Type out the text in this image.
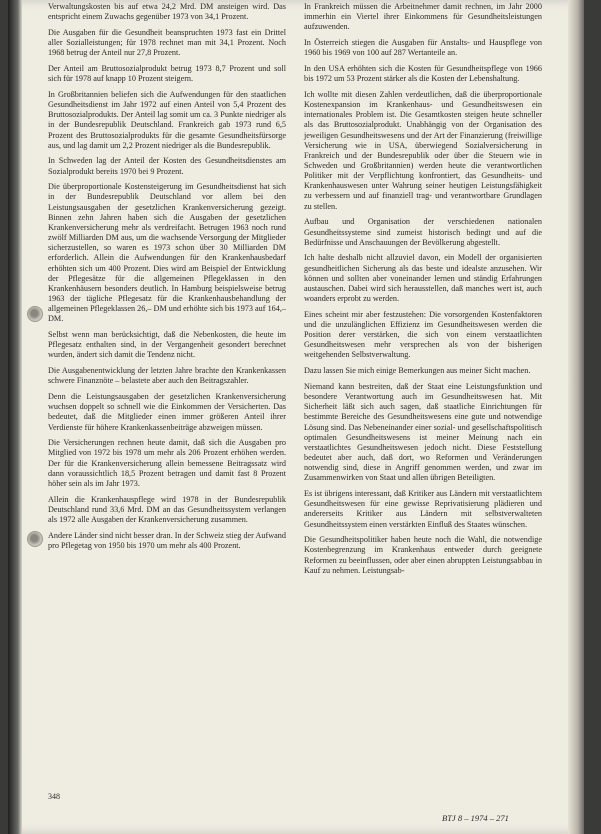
Verwaltungskosten bis auf etwa 24,2 Mrd. DM ansteigen wird. Das entspricht einem Zuwachs gegenüber 1973 von 34,1 Prozent.

Die Ausgaben für die Gesundheit beanspruchten 1973 fast ein Drittel aller Sozialleistungen; für 1978 rechnet man mit 34,1 Prozent. Noch 1968 betrug der Anteil nur 27,8 Prozent.

Der Anteil am Bruttosozialprodukt betrug 1973 8,7 Prozent und soll sich für 1978 auf knapp 10 Prozent steigern.

In Großbritannien beliefen sich die Aufwendungen für den staatlichen Gesundheitsdienst im Jahr 1972 auf einen Anteil von 5,4 Prozent des Bruttosozialprodukts. Der Anteil lag somit um ca. 3 Punkte niedriger als in der Bundesrepublik Deutschland. Frankreich gab 1973 rund 6,5 Prozent des Bruttosozialprodukts für die gesamte Gesundheitsfürsorge aus, und lag damit um 2,2 Prozent niedriger als die Bundesrepublik.

In Schweden lag der Anteil der Kosten des Gesundheitsdienstes am Sozialprodukt bereits 1970 bei 9 Prozent.

Die überproportionale Kostensteigerung im Gesundheitsdienst hat sich in der Bundesrepublik Deutschland vor allem bei den Leistungsausgaben der gesetzlichen Krankenversicherung gezeigt. Binnen zehn Jahren haben sich die Ausgaben der gesetzlichen Krankenversicherung mehr als verdreifacht. Betrugen 1963 noch rund zwölf Milliarden DM aus, um die wachsende Versorgung der Mitglieder sicherzustellen, so waren es 1973 schon über 30 Milliarden DM erforderlich. Allein die Aufwendungen für den Krankenhausbedarf erhöhten sich um 400 Prozent. Dies wird am Beispiel der Entwicklung der Pflegesätze für die allgemeinen Pflegeklassen in den Krankenhäusern besonders deutlich. In Hamburg beispielsweise betrug 1963 der tägliche Pflegesatz für die Krankenhausbehandlung der allgemeinen Pflegeklassen 26,– DM und erhöhte sich bis 1973 auf 164,– DM.

Selbst wenn man berücksichtigt, daß die Nebenkosten, die heute im Pflegesatz enthalten sind, in der Vergangenheit gesondert berechnet wurden, ändert sich damit die Tendenz nicht.

Die Ausgabenentwicklung der letzten Jahre brachte den Krankenkassen schwere Finanznöte – belastete aber auch den Beitragszahler.

Denn die Leistungsausgaben der gesetzlichen Krankenversicherung wuchsen doppelt so schnell wie die Einkommen der Versicherten. Das bedeutet, daß die Mitglieder einen immer größeren Anteil ihrer Verdienste für höhere Krankenkassenbeiträge abzweigen müssen.

Die Versicherungen rechnen heute damit, daß sich die Ausgaben pro Mitglied von 1972 bis 1978 um mehr als 206 Prozent erhöhen werden. Der für die Krankenversicherung allein bemessene Beitragssatz wird dann voraussichtlich 18,5 Prozent betragen und damit fast 8 Prozent höher sein als im Jahr 1973.

Allein die Krankenhauspflege wird 1978 in der Bundesrepublik Deutschland rund 33,6 Mrd. DM an das Gesundheitssystem verlangen als 1972 alle Ausgaben der Krankenversicherung zusammen.

Andere Länder sind nicht besser dran. In der Schweiz stieg der Aufwand pro Pflegetag von 1950 bis 1970 um mehr als 400 Prozent.

In Frankreich müssen die Arbeitnehmer damit rechnen, im Jahr 2000 immerhin ein Viertel ihrer Einkommens für Gesundheitsleistungen aufzuwenden.

In Österreich stiegen die Ausgaben für Anstalts- und Hauspflege von 1960 bis 1969 von 100 auf 287 Wertanteile an.

In den USA erhöhten sich die Kosten für Gesundheitspflege von 1966 bis 1972 um 53 Prozent stärker als die Kosten der Lebenshaltung.

Ich wollte mit diesen Zahlen verdeutlichen, daß die überproportionale Kostenexpansion im Krankenhaus- und Gesundheitswesen ein internationales Problem ist. Die Gesamtkosten steigen heute schneller als das Bruttosozialprodukt. Unabhängig von der Organisation des jeweiligen Gesundheitswesens und der Art der Finanzierung (freiwillige Versicherung wie in USA, überwiegend Sozialversicherung in Frankreich und der Bundesrepublik oder über die Steuern wie in Schweden und Großbritannien) werden heute die verantwortlichen Politiker mit der Verpflichtung konfrontiert, das Gesundheits- und Krankenhauswesen unter Wahrung seiner heutigen Leistungsfähigkeit zu verbessern und auf finanziell trag- und verantwortbare Grundlagen zu stellen.

Aufbau und Organisation der verschiedenen nationalen Gesundheitssysteme sind zumeist historisch bedingt und auf die Bedürfnisse und Anschauungen der Bevölkerung abgestellt.

Ich halte deshalb nicht allzuviel davon, ein Modell der organisierten gesundheitlichen Sicherung als das beste und idealste anzusehen. Wir können und sollten aber voneinander lernen und ständig Erfahrungen austauschen. Dabei wird sich herausstellen, daß manches wert ist, auch woanders erprobt zu werden.

Eines scheint mir aber festzustehen: Die vorsorgenden Kostenfaktoren und die unzulänglichen Effizienz im Gesundheitswesen werden die Position derer verstärken, die sich von einem verstaatlichten Gesundheitswesen mehr versprechen als von der bisherigen weitgehenden Selbstverwaltung.

Dazu lassen Sie mich einige Bemerkungen aus meiner Sicht machen.

Niemand kann bestreiten, daß der Staat eine Leistungsfunktion und besondere Verantwortung auch im Gesundheitswesen hat. Mit Sicherheit läßt sich auch sagen, daß staatliche Einrichtungen für bestimmte Bereiche des Gesundheitswesens eine gute und notwendige Lösung sind. Das Nebeneinander einer sozial- und gesellschaftspolitisch optimalen Gesundheitswesens ist meiner Meinung nach ein verstaatlichtes Gesundheitswesen jedoch nicht. Diese Feststellung bedeutet aber auch, daß dort, wo Reformen und Veränderungen notwendig sind, diese in Angriff genommen werden, und zwar im Zusammenwirken von Staat und allen übrigen Beteiligten.

Es ist übrigens interessant, daß Kritiker aus Ländern mit verstaatlichtem Gesundheitswesen für eine gewisse Reprivatisierung plädieren und andererseits Kritiker aus Ländern mit selbstverwalteten Gesundheitssystem einen verstärkten Einfluß des Staates wünschen.

Die Gesundheitspolitiker haben heute noch die Wahl, die notwendige Kostenbegrenzung im Krankenhaus entweder durch geeignete Reformen zu beeinflussen, oder aber einen abruppten Leistungsabbau in Kauf zu nehmen. Leistungsab-

348
BTJ 8 – 1974 – 271
